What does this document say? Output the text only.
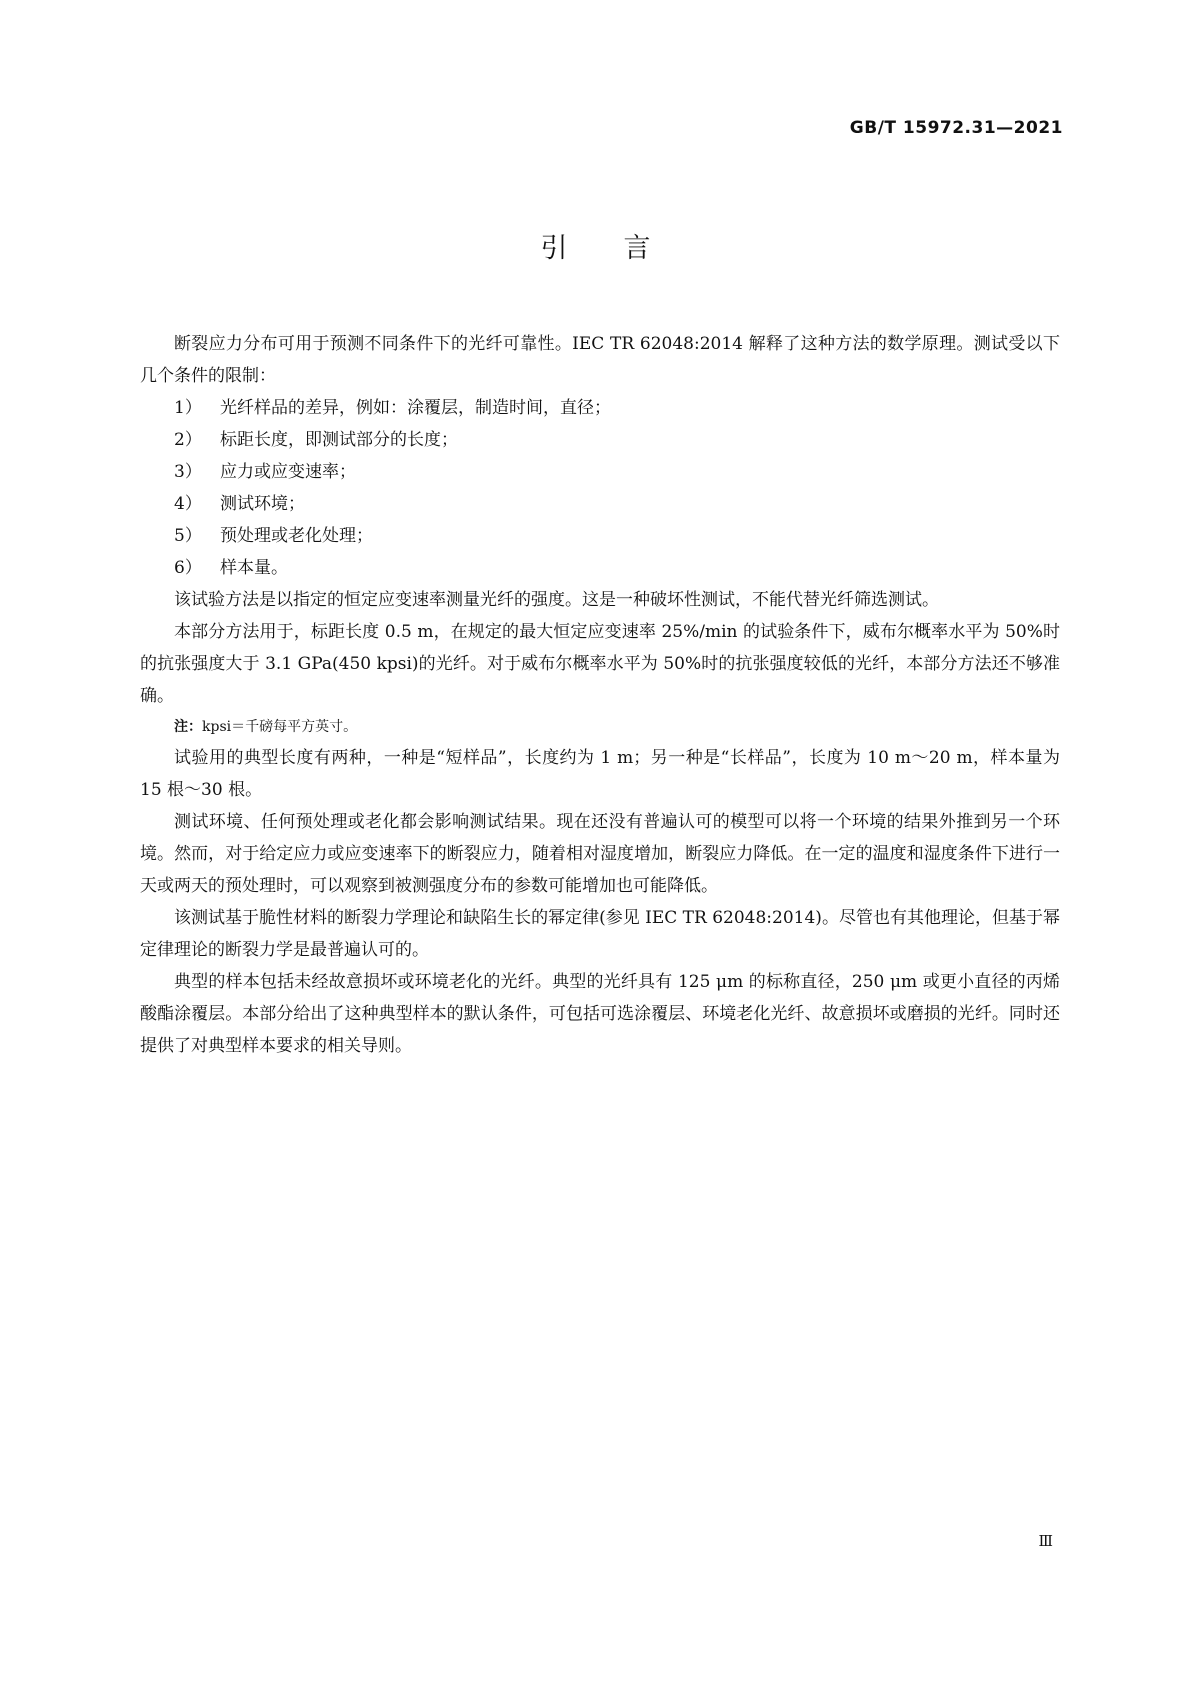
GB/T 15972.31—2021
引言

断裂应力分布可用于预测不同条件下的光纤可靠性。IEC TR 62048:2014 解释了这种方法的数学原理。测试受以下几个条件的限制：

1） 光纤样品的差异，例如：涂覆层，制造时间，直径；
2） 标距长度，即测试部分的长度；
3） 应力或应变速率；
4） 测试环境；
5） 预处理或老化处理；
6） 样本量。

该试验方法是以指定的恒定应变速率测量光纤的强度。这是一种破坏性测试，不能代替光纤筛选测试。

本部分方法用于，标距长度 0.5 m，在规定的最大恒定应变速率 25%/min 的试验条件下，威布尔概率水平为 50%时的抗张强度大于 3.1 GPa(450 kpsi)的光纤。对于威布尔概率水平为 50%时的抗张强度较低的光纤，本部分方法还不够准确。

注：kpsi＝千磅每平方英寸。

试验用的典型长度有两种，一种是“短样品”，长度约为 1 m；另一种是“长样品”，长度为 10 m～20 m，样本量为 15 根～30 根。

测试环境、任何预处理或老化都会影响测试结果。现在还没有普遍认可的模型可以将一个环境的结果外推到另一个环境。然而，对于给定应力或应变速率下的断裂应力，随着相对湿度增加，断裂应力降低。在一定的温度和湿度条件下进行一天或两天的预处理时，可以观察到被测强度分布的参数可能增加也可能降低。

该测试基于脆性材料的断裂力学理论和缺陷生长的幂定律(参见 IEC TR 62048:2014)。尽管也有其他理论，但基于幂定律理论的断裂力学是最普遍认可的。

典型的样本包括未经故意损坏或环境老化的光纤。典型的光纤具有 125 μm 的标称直径，250 μm 或更小直径的丙烯酸酯涂覆层。本部分给出了这种典型样本的默认条件，可包括可选涂覆层、环境老化光纤、故意损坏或磨损的光纤。同时还提供了对典型样本要求的相关导则。

Ⅲ
